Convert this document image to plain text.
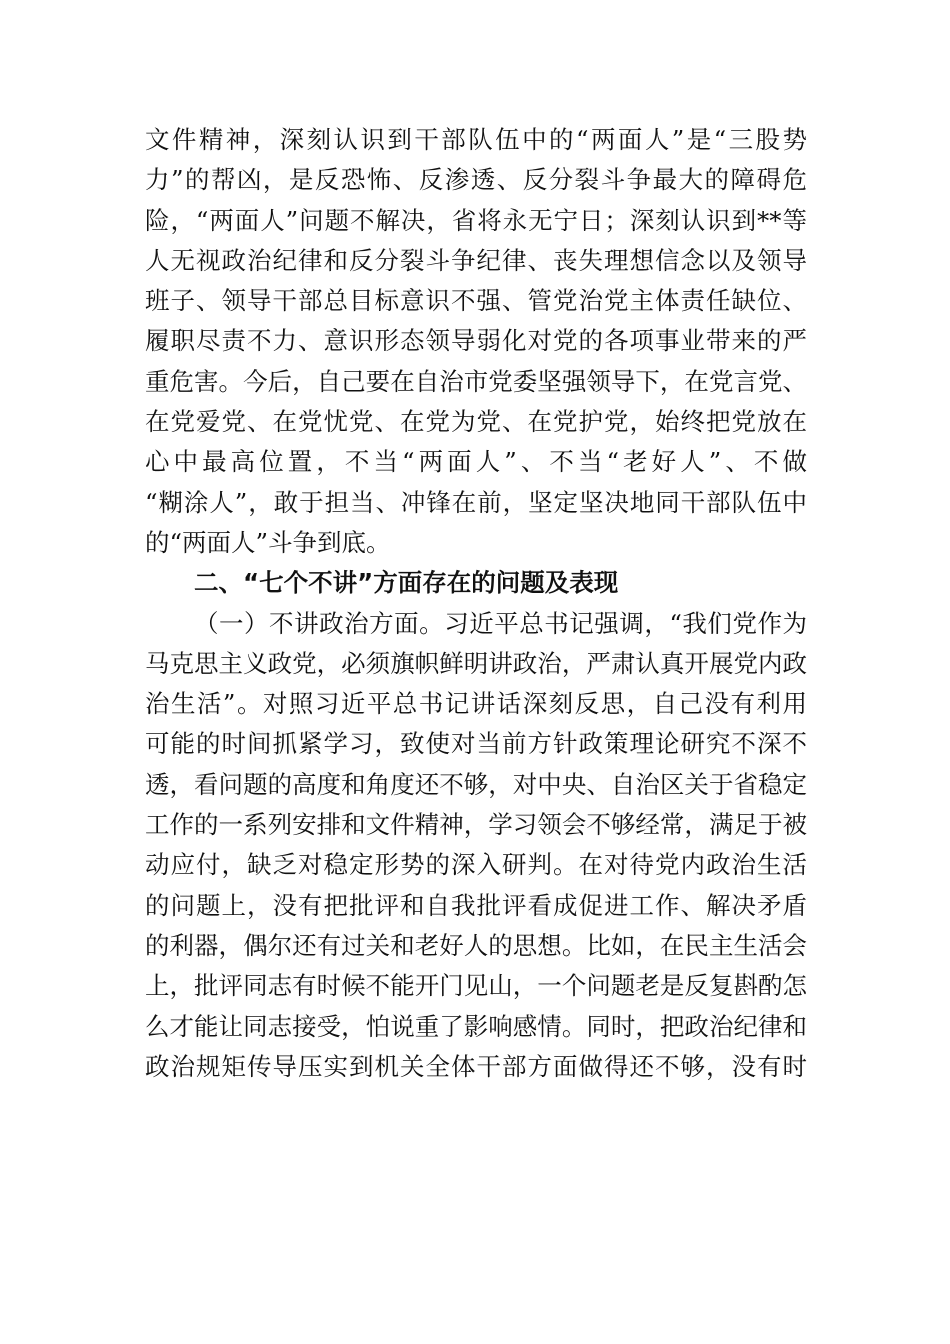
文件精神，深刻认识到干部队伍中的“两面人”是“三股势
力”的帮凶，是反恐怖、反渗透、反分裂斗争最大的障碍危
险，“两面人”问题不解决，省将永无宁日；深刻认识到**等
人无视政治纪律和反分裂斗争纪律、丧失理想信念以及领导
班子、领导干部总目标意识不强、管党治党主体责任缺位、
履职尽责不力、意识形态领导弱化对党的各项事业带来的严
重危害。今后，自己要在自治市党委坚强领导下，在党言党、
在党爱党、在党忧党、在党为党、在党护党，始终把党放在
心中最高位置，不当“两面人”、不当“老好人”、不做
“糊涂人”，敢于担当、冲锋在前，坚定坚决地同干部队伍中
的“两面人”斗争到底。
二、“七个不讲”方面存在的问题及表现
（一）不讲政治方面。习近平总书记强调，“我们党作为
马克思主义政党，必须旗帜鲜明讲政治，严肃认真开展党内政
治生活”。对照习近平总书记讲话深刻反思，自己没有利用
可能的时间抓紧学习，致使对当前方针政策理论研究不深不
透，看问题的高度和角度还不够，对中央、自治区关于省稳定
工作的一系列安排和文件精神，学习领会不够经常，满足于被
动应付，缺乏对稳定形势的深入研判。在对待党内政治生活
的问题上，没有把批评和自我批评看成促进工作、解决矛盾
的利器，偶尔还有过关和老好人的思想。比如，在民主生活会
上，批评同志有时候不能开门见山，一个问题老是反复斟酌怎
么才能让同志接受，怕说重了影响感情。同时，把政治纪律和
政治规矩传导压实到机关全体干部方面做得还不够，没有时
